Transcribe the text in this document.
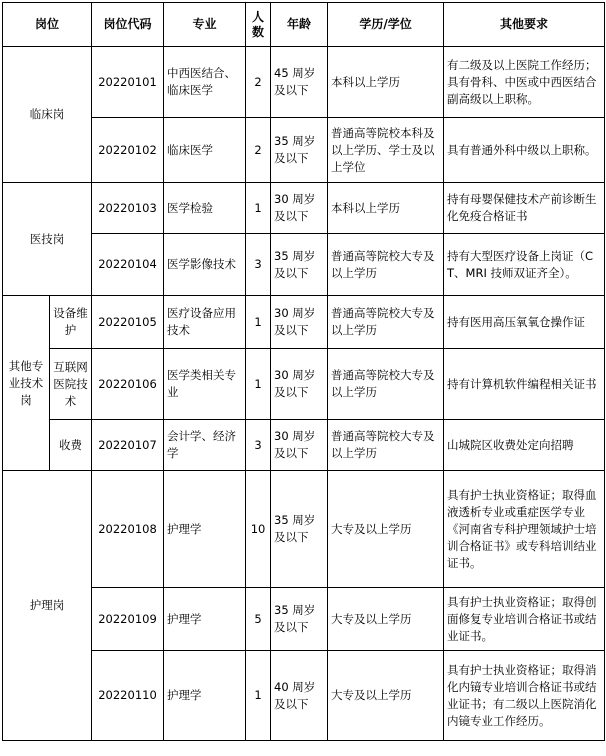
岗位		岗位代码	专业	人数	年龄	学历/学位	其他要求
临床岗		20220101	中西医结合、临床医学	2	45 周岁及以下	本科以上学历	有二级及以上医院工作经历；具有骨科、中医或中西医结合副高级以上职称。
		20220102	临床医学	2	35 周岁及以下	普通高等院校本科及以上学历、学士及以上学位	具有普通外科中级以上职称。
医技岗		20220103	医学检验	1	30 周岁及以下	本科以上学历	持有母婴保健技术产前诊断生化免疫合格证书
		20220104	医学影像技术	3	35 周岁及以下	普通高等院校大专及以上学历	持有大型医疗设备上岗证（CT、MRI 技师双证齐全）。
其他专业技术岗	设备维护	20220105	医疗设备应用技术	1	30 周岁及以下	普通高等院校大专及以上学历	持有医用高压氧氧仓操作证
	互联网医院技术	20220106	医学类相关专业	1	30 周岁及以下	普通高等院校大专及以上学历	持有计算机软件编程相关证书
	收费	20220107	会计学、经济学	3	30 周岁及以下	普通高等院校大专及以上学历	山城院区收费处定向招聘
护理岗		20220108	护理学	10	35 周岁及以下	大专及以上学历	具有护士执业资格证；取得血液透析专业或重症医学专业《河南省专科护理领域护士培训合格证书》或专科培训结业证书。
		20220109	护理学	5	35 周岁及以下	大专及以上学历	具有护士执业资格证；取得创面修复专业培训合格证书或结业证书。
		20220110	护理学	1	40 周岁及以下	大专及以上学历	具有护士执业资格证；取得消化内镜专业培训合格证书或结业证书；有二级以上医院消化内镜专业工作经历。
